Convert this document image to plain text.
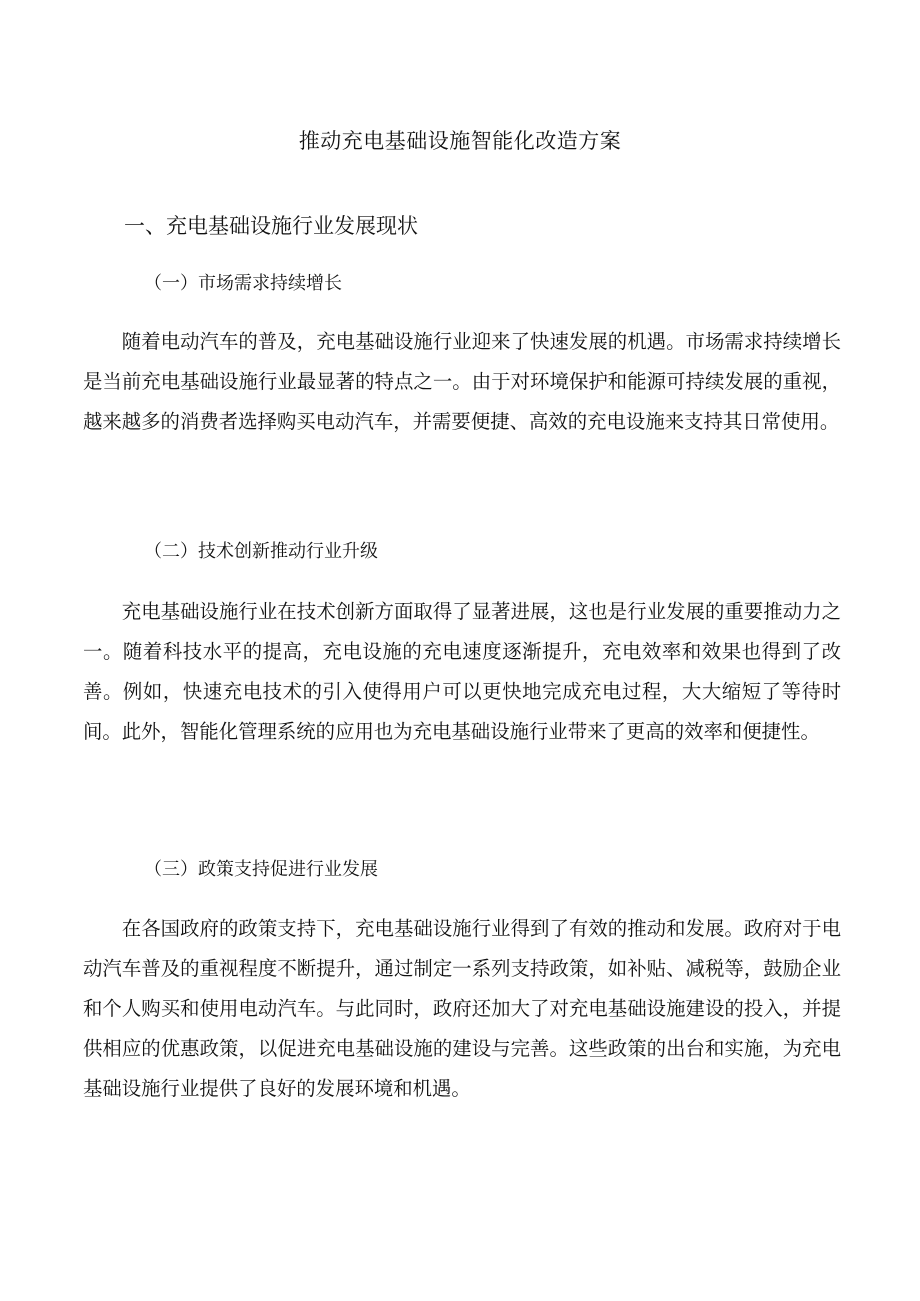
推动充电基础设施智能化改造方案
一、充电基础设施行业发展现状
（一）市场需求持续增长

随着电动汽车的普及，充电基础设施行业迎来了快速发展的机遇。市场需求持续增长是当前充电基础设施行业最显著的特点之一。由于对环境保护和能源可持续发展的重视，越来越多的消费者选择购买电动汽车，并需要便捷、高效的充电设施来支持其日常使用。

（二）技术创新推动行业升级

充电基础设施行业在技术创新方面取得了显著进展，这也是行业发展的重要推动力之一。随着科技水平的提高，充电设施的充电速度逐渐提升，充电效率和效果也得到了改善。例如，快速充电技术的引入使得用户可以更快地完成充电过程，大大缩短了等待时间。此外，智能化管理系统的应用也为充电基础设施行业带来了更高的效率和便捷性。

（三）政策支持促进行业发展

在各国政府的政策支持下，充电基础设施行业得到了有效的推动和发展。政府对于电动汽车普及的重视程度不断提升，通过制定一系列支持政策，如补贴、减税等，鼓励企业和个人购买和使用电动汽车。与此同时，政府还加大了对充电基础设施建设的投入，并提供相应的优惠政策，以促进充电基础设施的建设与完善。这些政策的出台和实施，为充电基础设施行业提供了良好的发展环境和机遇。
